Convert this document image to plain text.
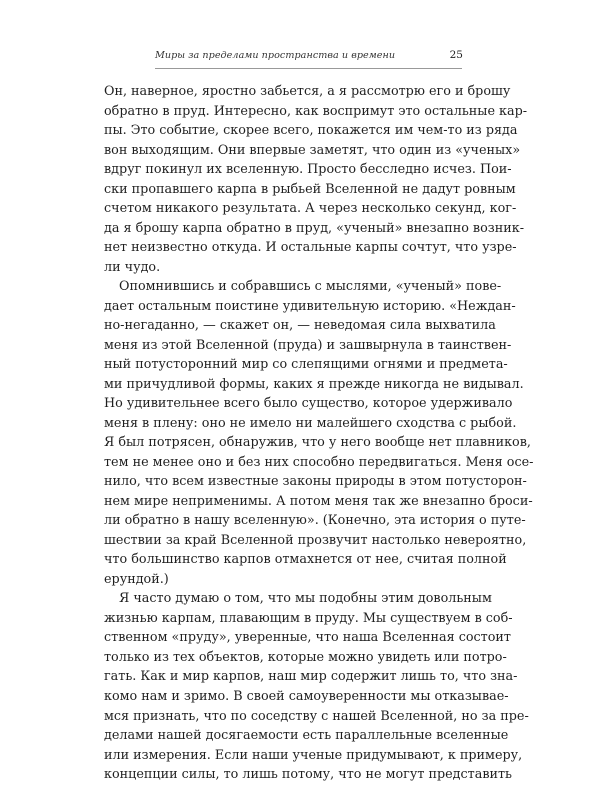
Миры за пределами пространства и времени	25
Он, наверное, яростно забьется, а я рассмотрю его и брошу
обратно в пруд. Интересно, как воспримут это остальные кар-
пы. Это событие, скорее всего, покажется им чем-то из ряда
вон выходящим. Они впервые заметят, что один из «ученых»
вдруг покинул их вселенную. Просто бесследно исчез. Пои-
ски пропавшего карпа в рыбьей Вселенной не дадут ровным
счетом никакого результата. А через несколько секунд, ког-
да я брошу карпа обратно в пруд, «ученый» внезапно возник-
нет неизвестно откуда. И остальные карпы сочтут, что узре-
ли чудо.
Опомнившись и собравшись с мыслями, «ученый» пове-
дает остальным поистине удивительную историю. «Неждан-
но-негаданно, — скажет он, — неведомая сила выхватила
меня из этой Вселенной (пруда) и зашвырнула в таинствен-
ный потусторонний мир со слепящими огнями и предмета-
ми причудливой формы, каких я прежде никогда не видывал.
Но удивительнее всего было существо, которое удерживало
меня в плену: оно не имело ни малейшего сходства с рыбой.
Я был потрясен, обнаружив, что у него вообще нет плавников,
тем не менее оно и без них способно передвигаться. Меня осе-
нило, что всем известные законы природы в этом потусторон-
нем мире неприменимы. А потом меня так же внезапно броси-
ли обратно в нашу вселенную». (Конечно, эта история о путе-
шествии за край Вселенной прозвучит настолько невероятно,
что большинство карпов отмахнется от нее, считая полной
ерундой.)
Я часто думаю о том, что мы подобны этим довольным
жизнью карпам, плавающим в пруду. Мы существуем в соб-
ственном «пруду», уверенные, что наша Вселенная состоит
только из тех объектов, которые можно увидеть или потро-
гать. Как и мир карпов, наш мир содержит лишь то, что зна-
комо нам и зримо. В своей самоуверенности мы отказывае-
мся признать, что по соседству с нашей Вселенной, но за пре-
делами нашей досягаемости есть параллельные вселенные
или измерения. Если наши ученые придумывают, к примеру,
концепции силы, то лишь потому, что не могут представить
